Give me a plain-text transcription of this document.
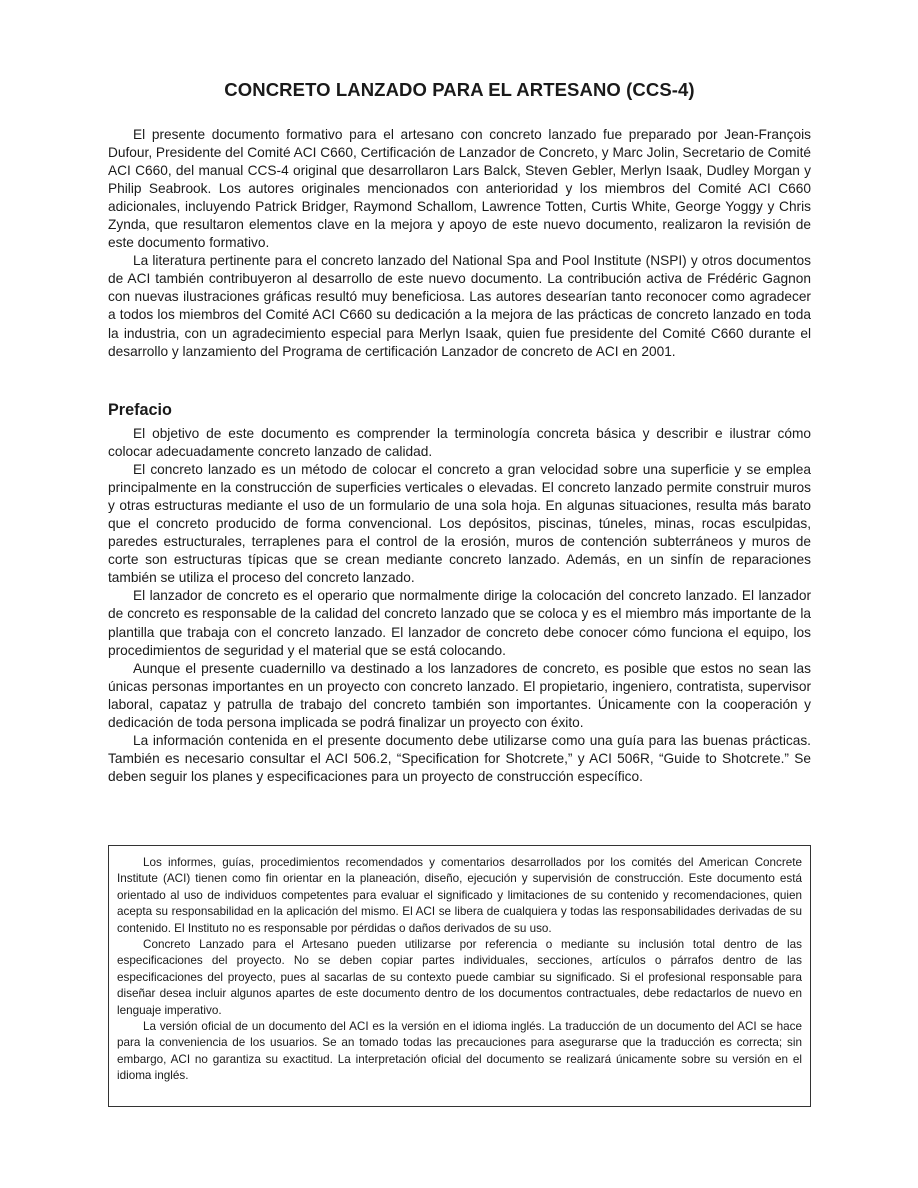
CONCRETO LANZADO PARA EL ARTESANO (CCS-4)

El presente documento formativo para el artesano con concreto lanzado fue preparado por Jean-François Dufour, Presidente del Comité ACI C660, Certificación de Lanzador de Concreto, y Marc Jolin, Secretario de Comité ACI C660, del manual CCS-4 original que desarrollaron Lars Balck, Steven Gebler, Merlyn Isaak, Dudley Morgan y Philip Seabrook. Los autores originales mencionados con anterioridad y los miembros del Comité ACI C660 adicionales, incluyendo Patrick Bridger, Raymond Schallom, Lawrence Totten, Curtis White, George Yoggy y Chris Zynda, que resultaron elementos clave en la mejora y apoyo de este nuevo documento, realizaron la revisión de este documento formativo.

La literatura pertinente para el concreto lanzado del National Spa and Pool Institute (NSPI) y otros documentos de ACI también contribuyeron al desarrollo de este nuevo documento. La contribución activa de Frédéric Gagnon con nuevas ilustraciones gráficas resultó muy beneficiosa. Las autores desearían tanto reconocer como agradecer a todos los miembros del Comité ACI C660 su dedicación a la mejora de las prácticas de concreto lanzado en toda la industria, con un agradecimiento especial para Merlyn Isaak, quien fue presidente del Comité C660 durante el desarrollo y lanzamiento del Programa de certificación Lanzador de concreto de ACI en 2001.

Prefacio

El objetivo de este documento es comprender la terminología concreta básica y describir e ilustrar cómo colocar adecuadamente concreto lanzado de calidad.

El concreto lanzado es un método de colocar el concreto a gran velocidad sobre una superficie y se emplea principalmente en la construcción de superficies verticales o elevadas. El concreto lanzado permite construir muros y otras estructuras mediante el uso de un formulario de una sola hoja. En algunas situaciones, resulta más barato que el concreto producido de forma convencional. Los depósitos, piscinas, túneles, minas, rocas esculpidas, paredes estructurales, terraplenes para el control de la erosión, muros de contención subterráneos y muros de corte son estructuras típicas que se crean mediante concreto lanzado. Además, en un sinfín de reparaciones también se utiliza el proceso del concreto lanzado.

El lanzador de concreto es el operario que normalmente dirige la colocación del concreto lanzado. El lanzador de concreto es responsable de la calidad del concreto lanzado que se coloca y es el miembro más importante de la plantilla que trabaja con el concreto lanzado. El lanzador de concreto debe conocer cómo funciona el equipo, los procedimientos de seguridad y el material que se está colocando.

Aunque el presente cuadernillo va destinado a los lanzadores de concreto, es posible que estos no sean las únicas personas importantes en un proyecto con concreto lanzado. El propietario, ingeniero, contratista, supervisor laboral, capataz y patrulla de trabajo del concreto también son importantes. Únicamente con la cooperación y dedicación de toda persona implicada se podrá finalizar un proyecto con éxito.

La información contenida en el presente documento debe utilizarse como una guía para las buenas prácticas. También es necesario consultar el ACI 506.2, “Specification for Shotcrete,” y ACI 506R, “Guide to Shotcrete.” Se deben seguir los planes y especificaciones para un proyecto de construcción específico.

Los informes, guías, procedimientos recomendados y comentarios desarrollados por los comités del American Concrete Institute (ACI) tienen como fin orientar en la planeación, diseño, ejecución y supervisión de construcción. Este documento está orientado al uso de individuos competentes para evaluar el significado y limitaciones de su contenido y recomendaciones, quien acepta su responsabilidad en la aplicación del mismo. El ACI se libera de cualquiera y todas las responsabilidades derivadas de su contenido. El Instituto no es responsable por pérdidas o daños derivados de su uso.

Concreto Lanzado para el Artesano pueden utilizarse por referencia o mediante su inclusión total dentro de las especificaciones del proyecto. No se deben copiar partes individuales, secciones, artículos o párrafos dentro de las especificaciones del proyecto, pues al sacarlas de su contexto puede cambiar su significado. Si el profesional responsable para diseñar desea incluir algunos apartes de este documento dentro de los documentos contractuales, debe redactarlos de nuevo en lenguaje imperativo.

La versión oficial de un documento del ACI es la versión en el idioma inglés. La traducción de un documento del ACI se hace para la conveniencia de los usuarios. Se an tomado todas las precauciones para asegurarse que la traducción es correcta; sin embargo, ACI no garantiza su exactitud. La interpretación oficial del documento se realizará únicamente sobre su versión en el idioma inglés.
